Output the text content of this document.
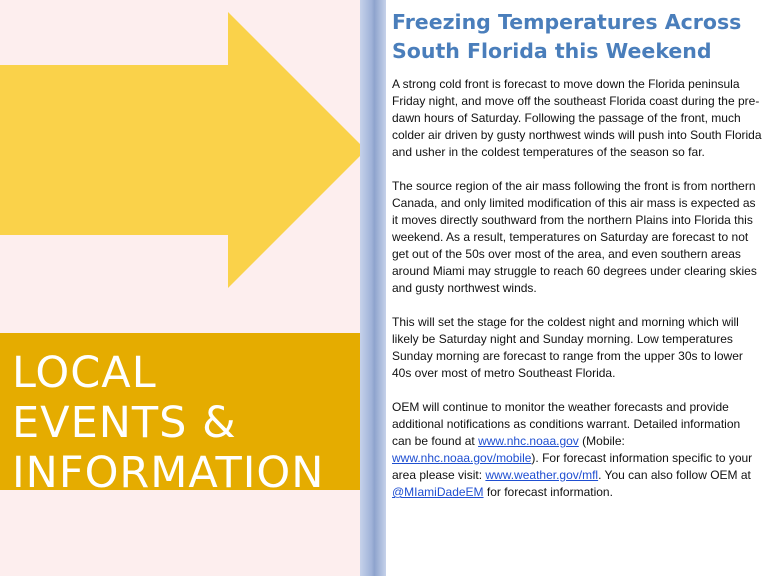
LOCAL
EVENTS &
INFORMATION
Freezing Temperatures Across South Florida this Weekend

A strong cold front is forecast to move down the Florida peninsula Friday night, and move off the southeast Florida coast during the pre-dawn hours of Saturday. Following the passage of the front, much colder air driven by gusty northwest winds will push into South Florida and usher in the coldest temperatures of the season so far.

The source region of the air mass following the front is from northern Canada, and only limited modification of this air mass is expected as it moves directly southward from the northern Plains into Florida this weekend. As a result, temperatures on Saturday are forecast to not get out of the 50s over most of the area, and even southern areas around Miami may struggle to reach 60 degrees under clearing skies and gusty northwest winds.

This will set the stage for the coldest night and morning which will likely be Saturday night and Sunday morning. Low temperatures Sunday morning are forecast to range from the upper 30s to lower 40s over most of metro Southeast Florida.

OEM will continue to monitor the weather forecasts and provide additional notifications as conditions warrant. Detailed information can be found at www.nhc.noaa.gov (Mobile: www.nhc.noaa.gov/mobile). For forecast information specific to your area please visit: www.weather.gov/mfl. You can also follow OEM at @MIamiDadeEM for forecast information.
